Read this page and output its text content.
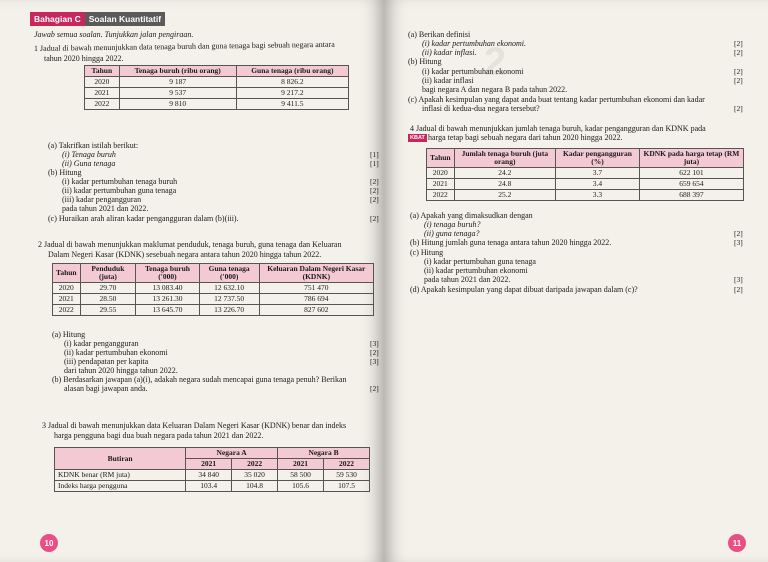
Bahagian C Soalan Kuantitatif
Jawab semua soalan. Tunjukkan jalan pengiraan.
1 Jadual di bawah menunjukkan data tenaga buruh dan guna tenaga bagi sebuah negara antara
tahun 2020 hingga 2022.
Tahun	Tenaga buruh (ribu orang)	Guna tenaga (ribu orang)
2020	9 187	8 826.2
2021	9 537	9 217.2
2022	9 810	9 411.5
(a) Takrifkan istilah berikut:
(i) Tenaga buruh
(ii) Guna tenaga
(b) Hitung
(i) kadar pertumbuhan tenaga buruh
(ii) kadar pertumbuhan guna tenaga
(iii) kadar pengangguran
pada tahun 2021 dan 2022.
(c) Huraikan arah aliran kadar pengangguran dalam (b)(iii).
[1]
[1]
[2]
[2]
[2]
[2]
2 Jadual di bawah menunjukkan maklumat penduduk, tenaga buruh, guna tenaga dan Keluaran
Dalam Negeri Kasar (KDNK) sesebuah negara antara tahun 2020 hingga tahun 2022.
Tahun	Penduduk (juta)	Tenaga buruh ('000)	Guna tenaga ('000)	Keluaran Dalam Negeri Kasar (KDNK)
2020	29.70	13 083.40	12 632.10	751 470
2021	28.50	13 261.30	12 737.50	786 694
2022	29.55	13 645.70	13 226.70	827 602
(a) Hitung
(i) kadar pengangguran
(ii) kadar pertumbuhan ekonomi
(iii) pendapatan per kapita
dari tahun 2020 hingga tahun 2022.
(b) Berdasarkan jawapan (a)(i), adakah negara sudah mencapai guna tenaga penuh? Berikan
alasan bagi jawapan anda.
[3]
[2]
[3]
[2]
3 Jadual di bawah menunjukkan data Keluaran Dalam Negeri Kasar (KDNK) benar dan indeks
harga pengguna bagi dua buah negara pada tahun 2021 dan 2022.
Butiran	Negara A		Negara B	
	2021	2022	2021	2022
KDNK benar (RM juta)	34 840	35 020	58 500	59 530
Indeks harga pengguna	103.4	104.8	105.6	107.5
10
2
(a) Berikan definisi
(i) kadar pertumbuhan ekonomi.
(ii) kadar inflasi.
(b) Hitung
(i) kadar pertumbuhan ekonomi
(ii) kadar inflasi
bagi negara A dan negara B pada tahun 2022.
(c) Apakah kesimpulan yang dapat anda buat tentang kadar pertumbuhan ekonomi dan kadar
inflasi di kedua-dua negara tersebut?
[2]
[2]
[2]
[2]
[2]
4 Jadual di bawah menunjukkan jumlah tenaga buruh, kadar pengangguran dan KDNK pada
KBAT harga tetap bagi sebuah negara dari tahun 2020 hingga 2022.
Tahun	Jumlah tenaga buruh (juta orang)	Kadar pengangguran (%)	KDNK pada harga tetap (RM juta)
2020	24.2	3.7	622 101
2021	24.8	3.4	659 654
2022	25.2	3.3	688 397
(a) Apakah yang dimaksudkan dengan
(i) tenaga buruh?
(ii) guna tenaga?
(b) Hitung jumlah guna tenaga antara tahun 2020 hingga 2022.
(c) Hitung
(i) kadar pertumbuhan guna tenaga
(ii) kadar pertumbuhan ekonomi
pada tahun 2021 dan 2022.
(d) Apakah kesimpulan yang dapat dibuat daripada jawapan dalam (c)?
[2]
[3]
[3]
[2]
11
